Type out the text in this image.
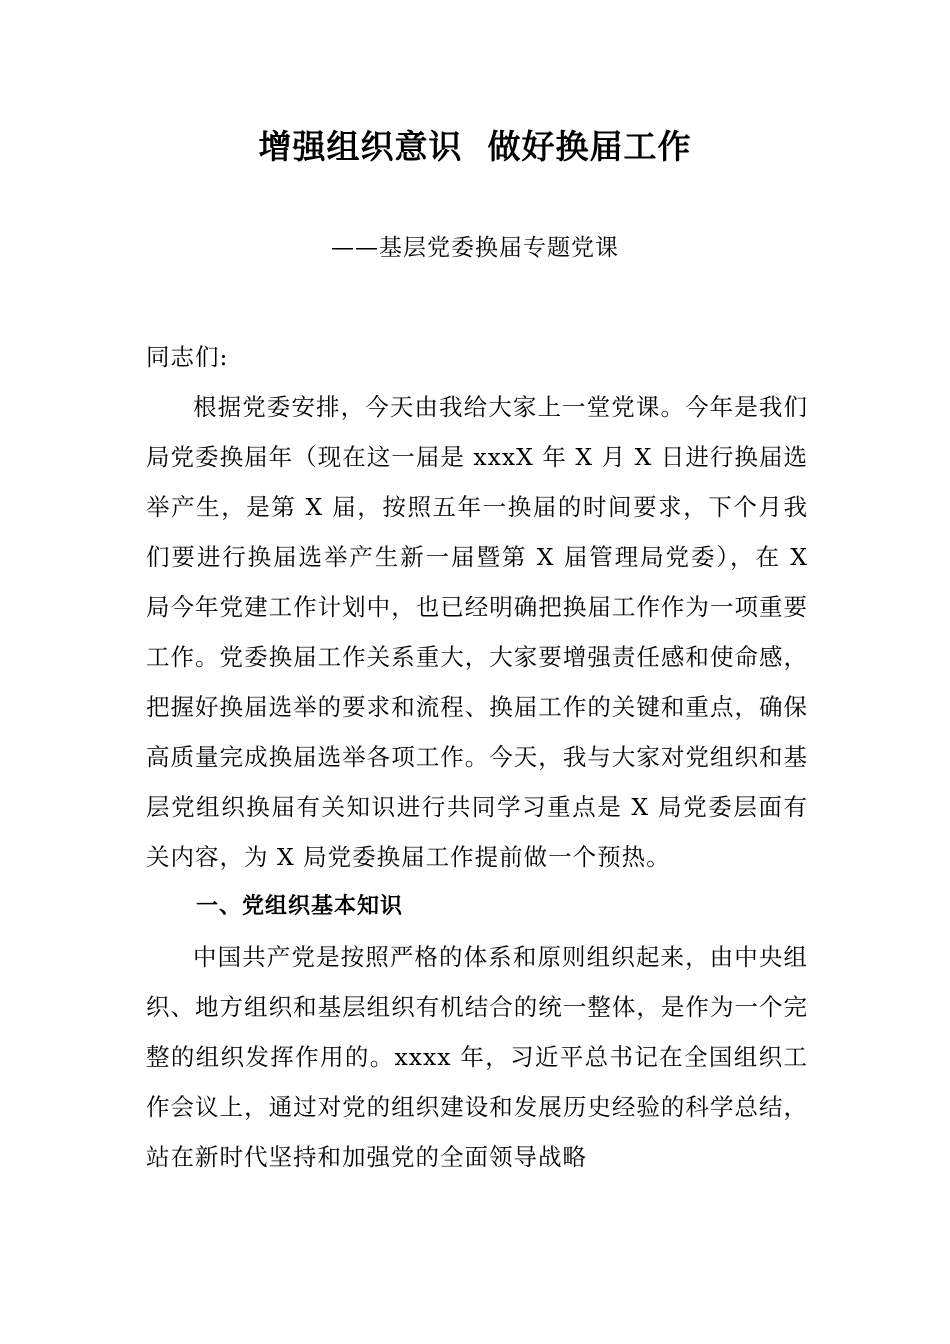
增强组织意识  做好换届工作
——基层党委换届专题党课

同志们:

根据党委安排，今天由我给大家上一堂党课。今年是我们局党委换届年（现在这一届是 xxxX 年 X 月 X 日进行换届选举产生，是第 X 届，按照五年一换届的时间要求，下个月我们要进行换届选举产生新一届暨第 X 届管理局党委），在 X 局今年党建工作计划中，也已经明确把换届工作作为一项重要工作。党委换届工作关系重大，大家要增强责任感和使命感，把握好换届选举的要求和流程、换届工作的关键和重点，确保高质量完成换届选举各项工作。今天，我与大家对党组织和基层党组织换届有关知识进行共同学习重点是 X 局党委层面有关内容，为 X 局党委换届工作提前做一个预热。

一、党组织基本知识

中国共产党是按照严格的体系和原则组织起来，由中央组织、地方组织和基层组织有机结合的统一整体，是作为一个完整的组织发挥作用的。xxxx 年，习近平总书记在全国组织工作会议上，通过对党的组织建设和发展历史经验的科学总结，站在新时代坚持和加强党的全面领导战略
